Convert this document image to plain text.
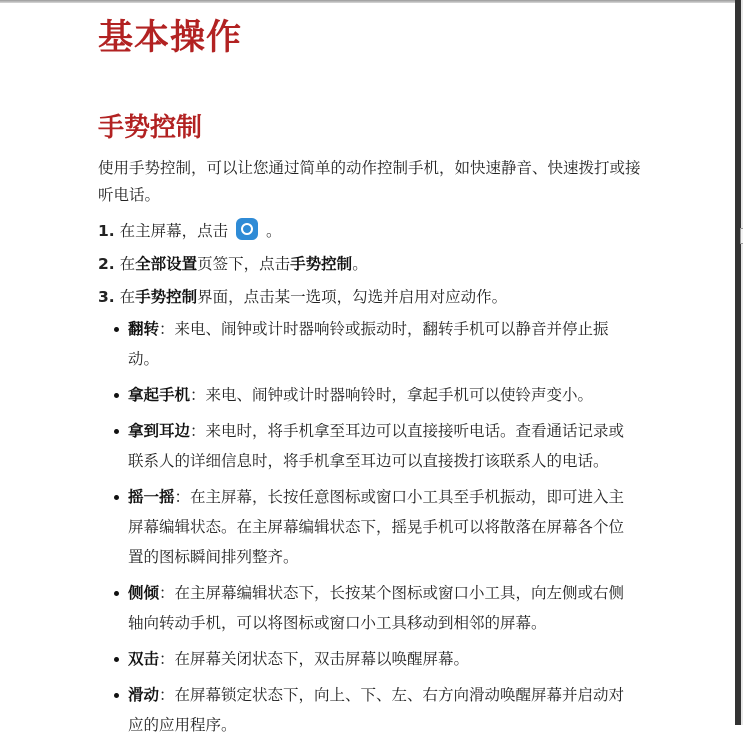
基本操作
手势控制
使用手势控制，可以让您通过简单的动作控制手机，如快速静音、快速拨打或接听电话。
1. 在主屏幕，点击 。
2. 在全部设置页签下，点击手势控制。
3. 在手势控制界面，点击某一选项，勾选并启用对应动作。
翻转：来电、闹钟或计时器响铃或振动时，翻转手机可以静音并停止振动。
拿起手机：来电、闹钟或计时器响铃时，拿起手机可以使铃声变小。
拿到耳边：来电时，将手机拿至耳边可以直接接听电话。查看通话记录或联系人的详细信息时，将手机拿至耳边可以直接拨打该联系人的电话。
摇一摇：在主屏幕，长按任意图标或窗口小工具至手机振动，即可进入主屏幕编辑状态。在主屏幕编辑状态下，摇晃手机可以将散落在屏幕各个位置的图标瞬间排列整齐。
侧倾：在主屏幕编辑状态下，长按某个图标或窗口小工具，向左侧或右侧轴向转动手机，可以将图标或窗口小工具移动到相邻的屏幕。
双击：在屏幕关闭状态下，双击屏幕以唤醒屏幕。
滑动：在屏幕锁定状态下，向上、下、左、右方向滑动唤醒屏幕并启动对应的应用程序。
